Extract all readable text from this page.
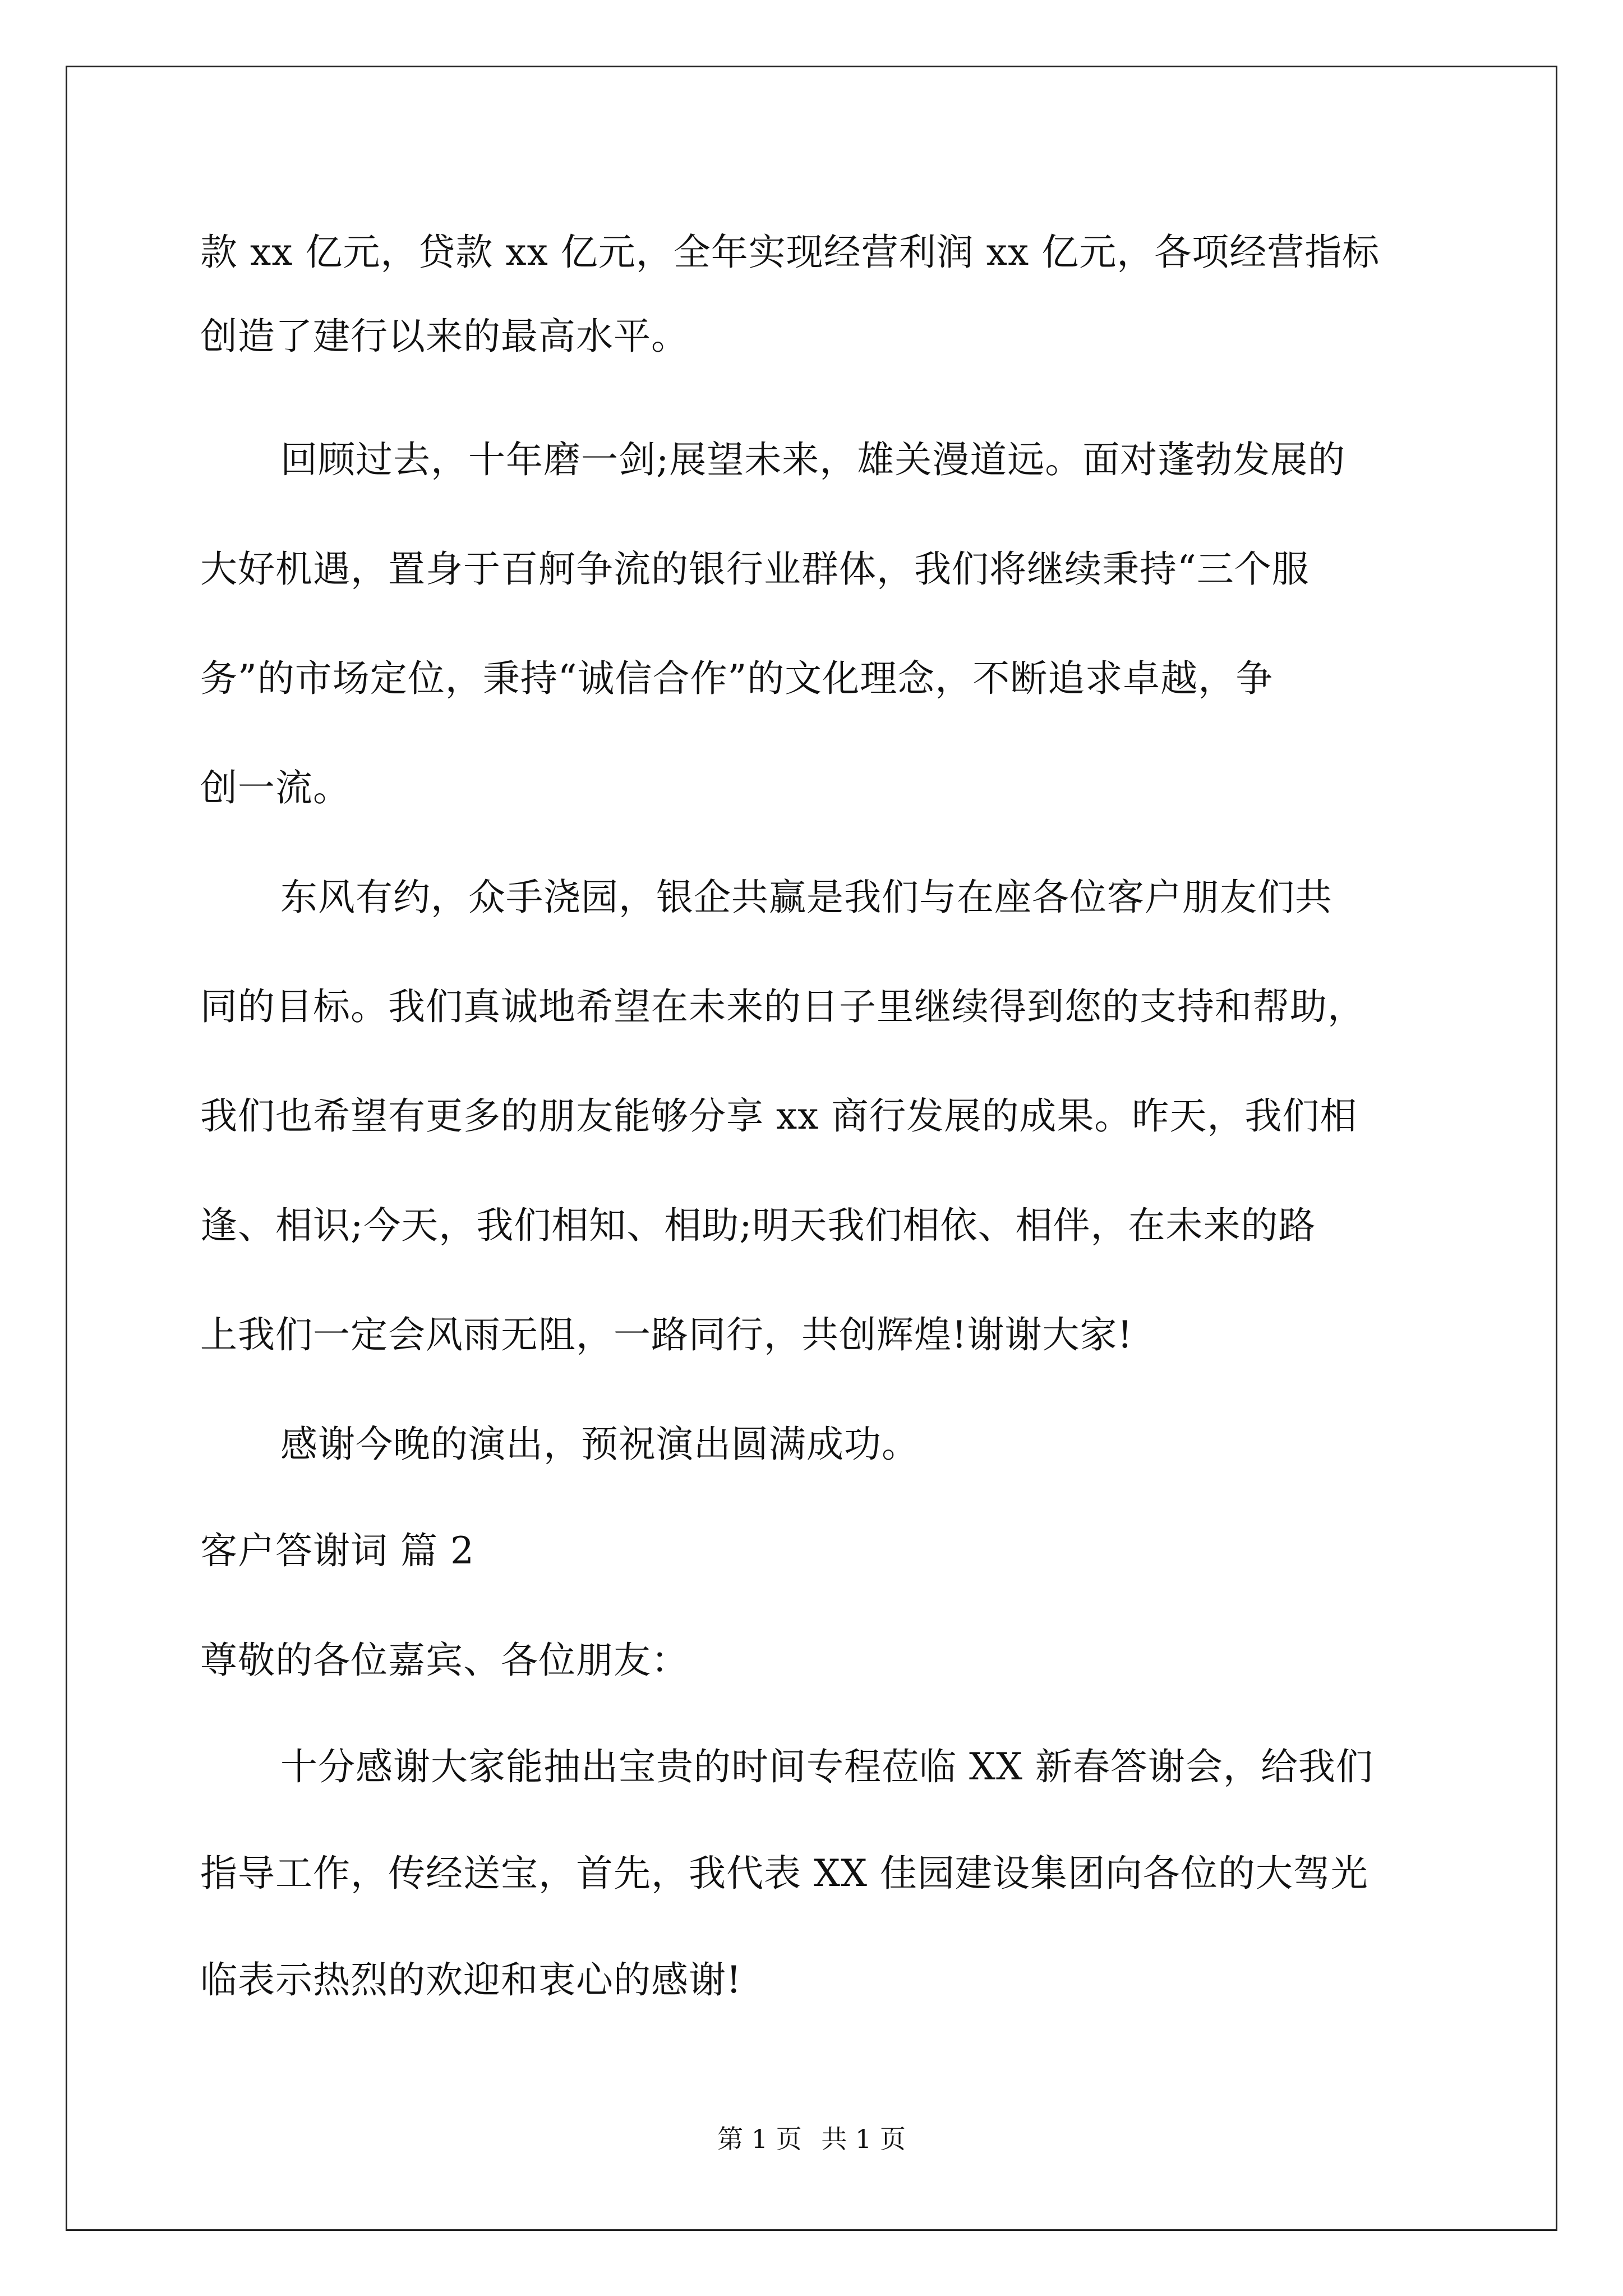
款 xx 亿元，贷款 xx 亿元，全年实现经营利润 xx 亿元，各项经营指标
创造了建行以来的最高水平。
回顾过去，十年磨一剑;展望未来，雄关漫道远。面对蓬勃发展的
大好机遇，置身于百舸争流的银行业群体，我们将继续秉持“三个服
务”的市场定位，秉持“诚信合作”的文化理念，不断追求卓越，争
创一流。
东风有约，众手浇园，银企共赢是我们与在座各位客户朋友们共
同的目标。我们真诚地希望在未来的日子里继续得到您的支持和帮助，
我们也希望有更多的朋友能够分享 xx 商行发展的成果。昨天，我们相
逢、相识;今天，我们相知、相助;明天我们相依、相伴，在未来的路
上我们一定会风雨无阻，一路同行，共创辉煌!谢谢大家!
感谢今晚的演出，预祝演出圆满成功。
客户答谢词 篇 2
尊敬的各位嘉宾、各位朋友：
十分感谢大家能抽出宝贵的时间专程莅临 XX 新春答谢会，给我们
指导工作，传经送宝，首先，我代表 XX 佳园建设集团向各位的大驾光
临表示热烈的欢迎和衷心的感谢!
第 1 页 共 1 页
